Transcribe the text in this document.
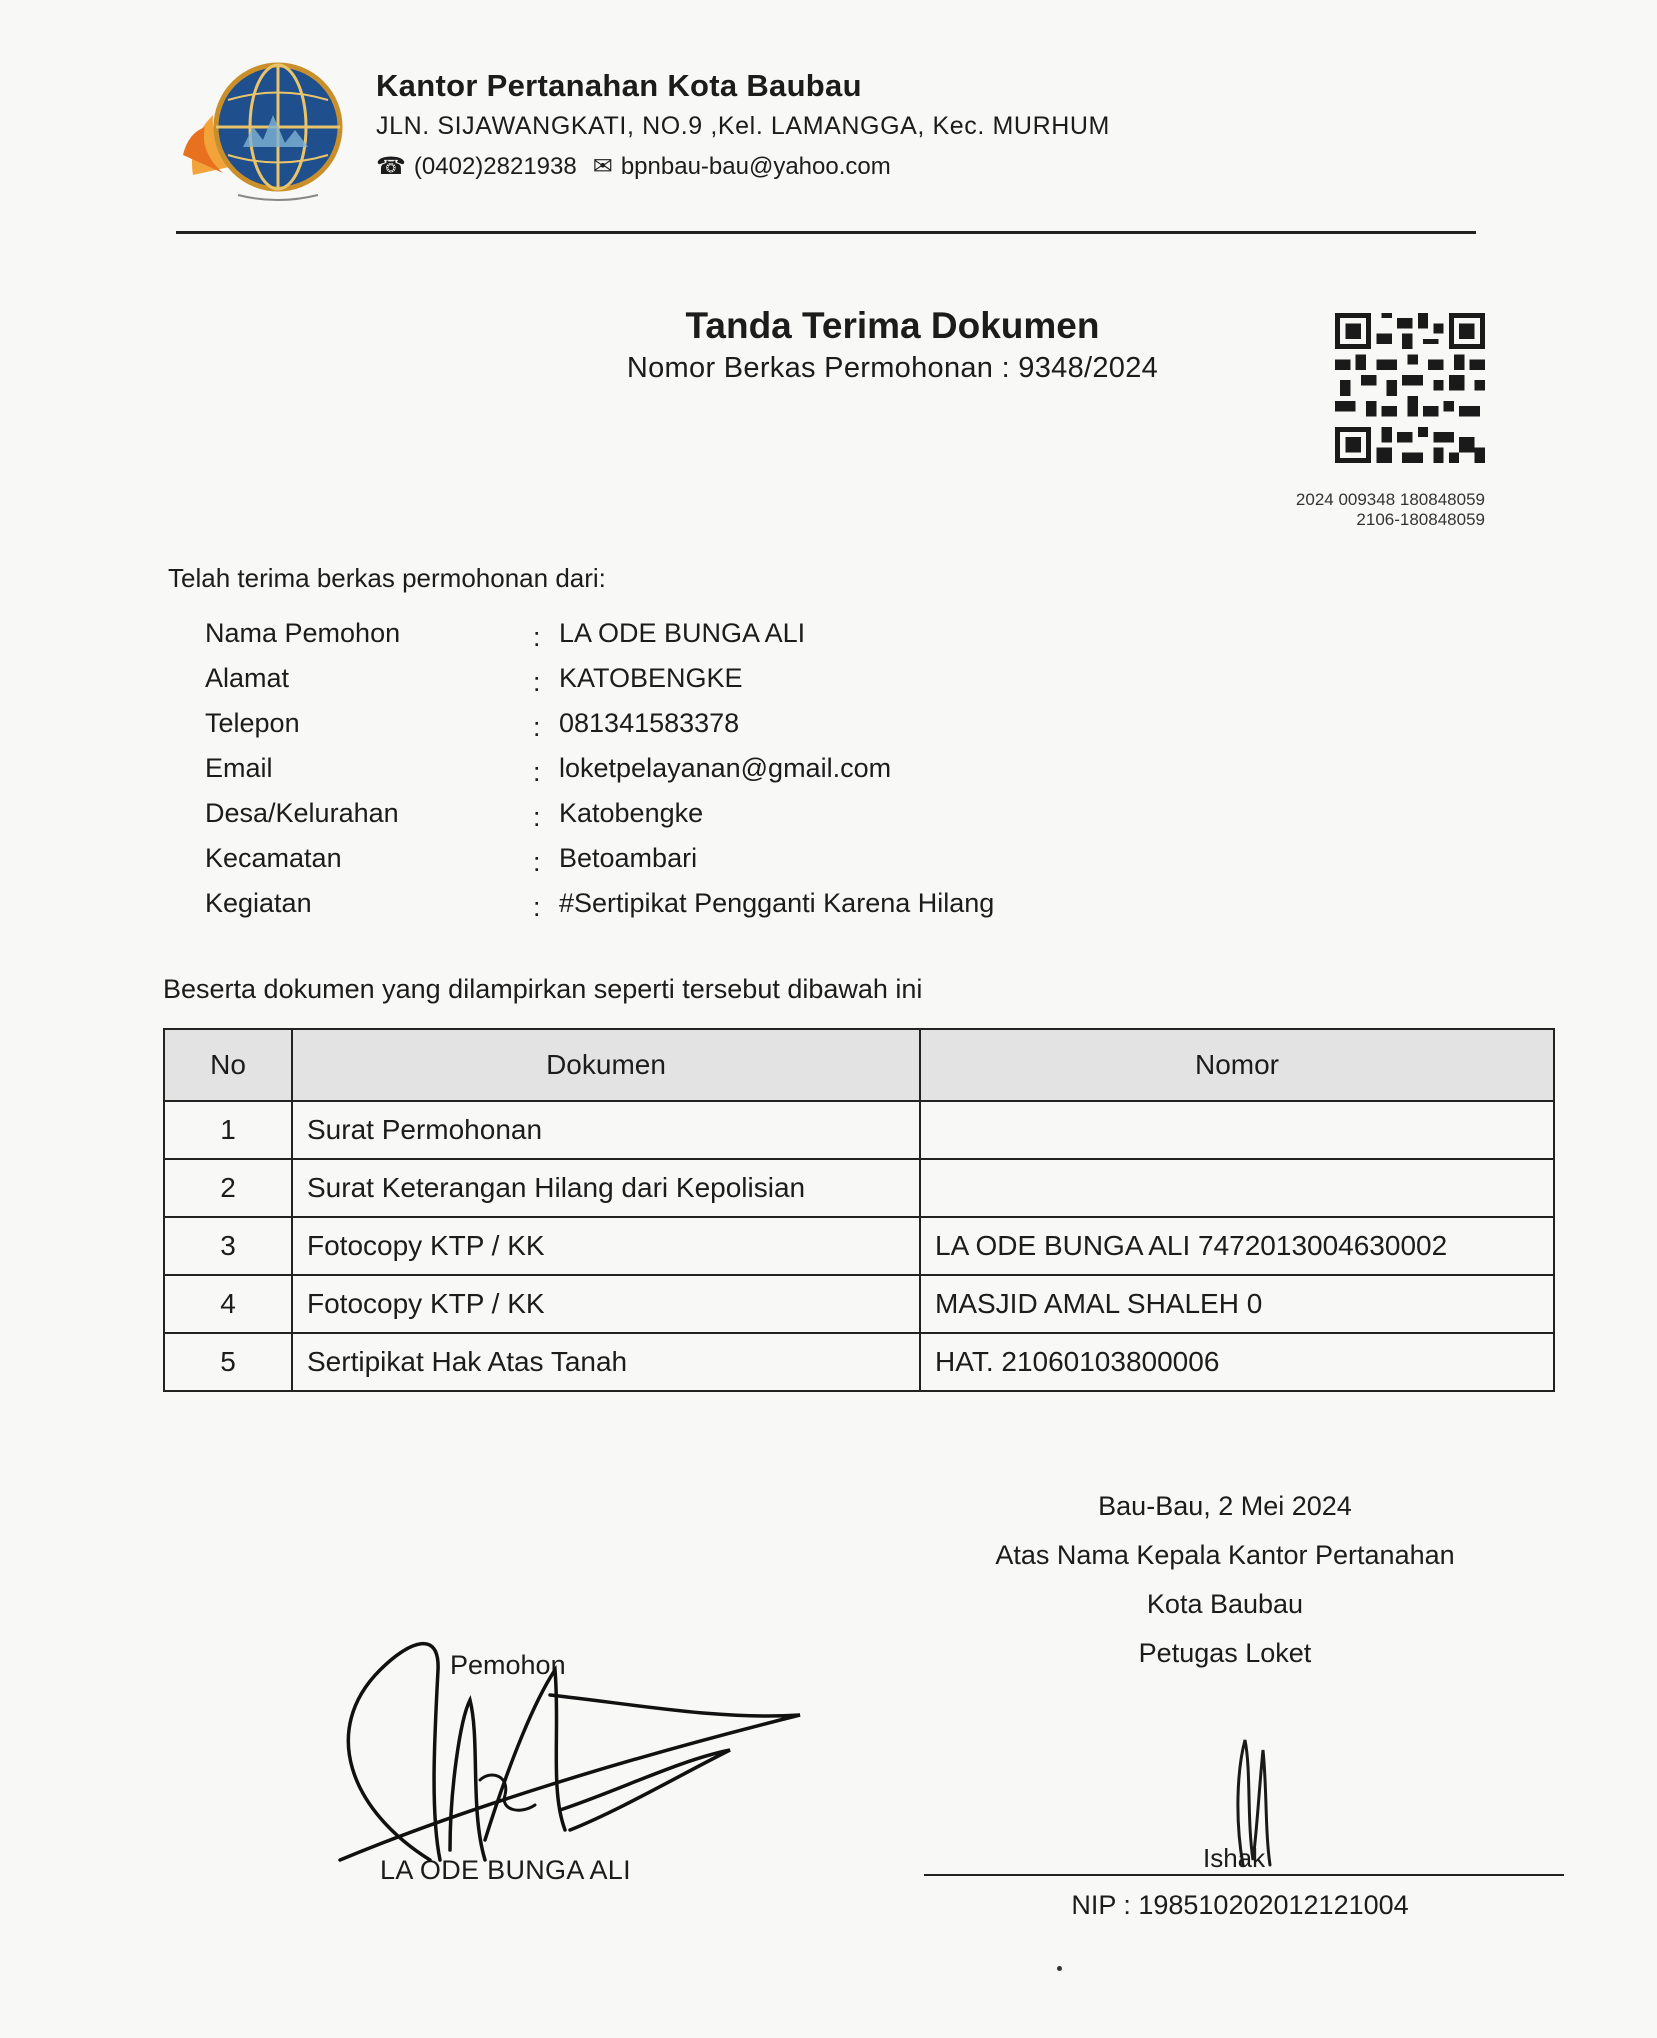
Kantor Pertanahan Kota Baubau
JLN. SIJAWANGKATI, NO.9 ,Kel. LAMANGGA, Kec. MURHUM
☎ (0402)2821938 ✉ bpnbau-bau@yahoo.com
Tanda Terima Dokumen
Nomor Berkas Permohonan : 9348/2024
2024 009348 180848059
2106-180848059
Telah terima berkas permohonan dari:
Nama Pemohon	: LA ODE BUNGA ALI
Alamat	: KATOBENGKE
Telepon	: 081341583378
Email	: loketpelayanan@gmail.com
Desa/Kelurahan	: Katobengke
Kecamatan	: Betoambari
Kegiatan	: #Sertipikat Pengganti Karena Hilang
Beserta dokumen yang dilampirkan seperti tersebut dibawah ini
No	Dokumen	Nomor
1	Surat Permohonan	
2	Surat Keterangan Hilang dari Kepolisian	
3	Fotocopy KTP / KK	LA ODE BUNGA ALI 7472013004630002
4	Fotocopy KTP / KK	MASJID AMAL SHALEH 0
5	Sertipikat Hak Atas Tanah	HAT. 21060103800006
Bau-Bau, 2 Mei 2024
Atas Nama Kepala Kantor Pertanahan
Kota Baubau
Petugas Loket
Ishak
NIP : 198510202012121004
Pemohon
LA ODE BUNGA ALI
